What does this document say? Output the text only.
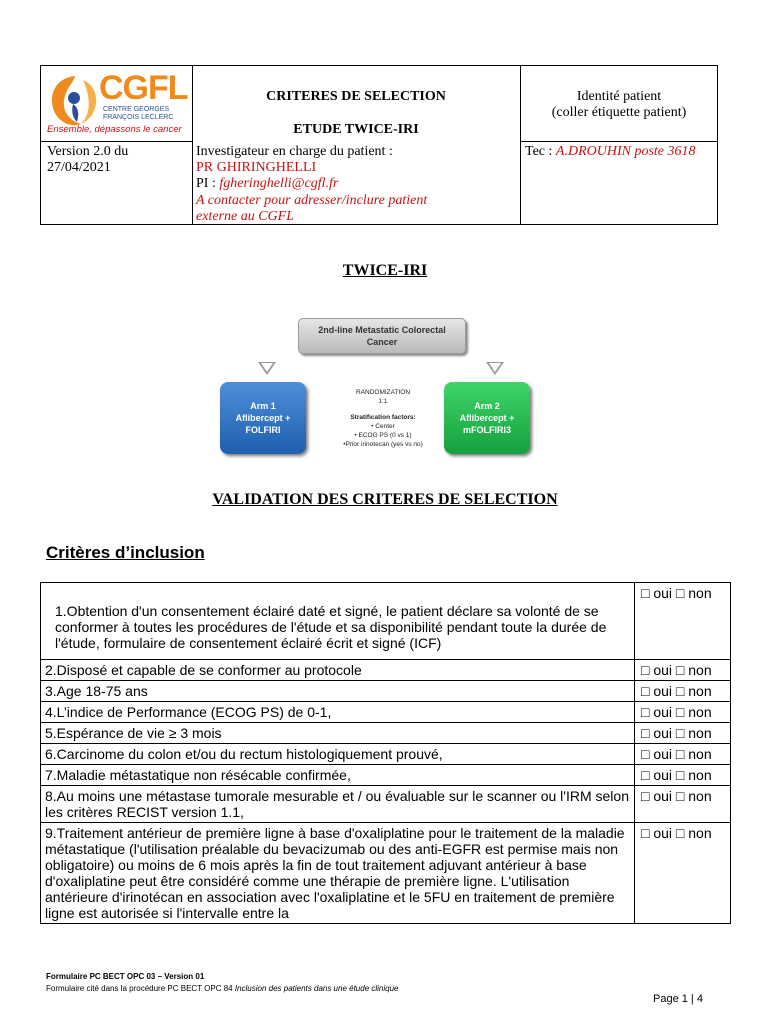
CGFL
CENTRE GEORGES
FRANÇOIS LECLERC
Ensemble, dépassons le cancer
CRITERES DE SELECTION
ETUDE TWICE-IRI
Identité patient
(coller étiquette patient)
Version 2.0 du
27/04/2021
Investigateur en charge du patient :
PR GHIRINGHELLI
PI : fgheringhelli@cgfl.fr
A contacter pour adresser/inclure patient
externe au CGFL
Tec : A.DROUHIN poste 3618
TWICE-IRI
2nd-line Metastatic Colorectal
Cancer
Arm 1
Aflibercept +
FOLFIRI
Arm 2
Aflibercept +
mFOLFIRI3
RANDOMIZATION
1:1
Stratification factors:
• Center
• ECOG PS (0 vs 1)
•Prior irinotecan (yes vs no)
VALIDATION DES CRITERES DE SELECTION
Critères d’inclusion
1.Obtention d'un consentement éclairé daté et signé, le patient déclare sa volonté de se conformer à toutes les procédures de l'étude et sa disponibilité pendant toute la durée de l'étude, formulaire de consentement éclairé écrit et signé (ICF)	□ oui □ non
2.Disposé et capable de se conformer au protocole	□ oui □ non
3.Age 18-75 ans	□ oui □ non
4.L’indice de Performance (ECOG PS) de 0-1,	□ oui □ non
5.Espérance de vie ≥ 3 mois	□ oui □ non
6.Carcinome du colon et/ou du rectum histologiquement prouvé,	□ oui □ non
7.Maladie métastatique non résécable confirmée,	□ oui □ non
8.Au moins une métastase tumorale mesurable et / ou évaluable sur le scanner ou l'IRM selon les critères RECIST version 1.1,	□ oui □ non
9.Traitement antérieur de première ligne à base d'oxaliplatine pour le traitement de la maladie métastatique (l'utilisation préalable du bevacizumab ou des anti-EGFR est permise mais non obligatoire) ou moins de 6 mois après la fin de tout traitement adjuvant antérieur à base d'oxaliplatine peut être considéré comme une thérapie de première ligne. L'utilisation antérieure d'irinotécan en association avec l'oxaliplatine et le 5FU en traitement de première ligne est autorisée si l'intervalle entre la	□ oui □ non
Formulaire PC BECT OPC 03 – Version 01
Formulaire cité dans la procédure PC BECT OPC 84 Inclusion des patients dans une étude clinique
Page 1 | 4
